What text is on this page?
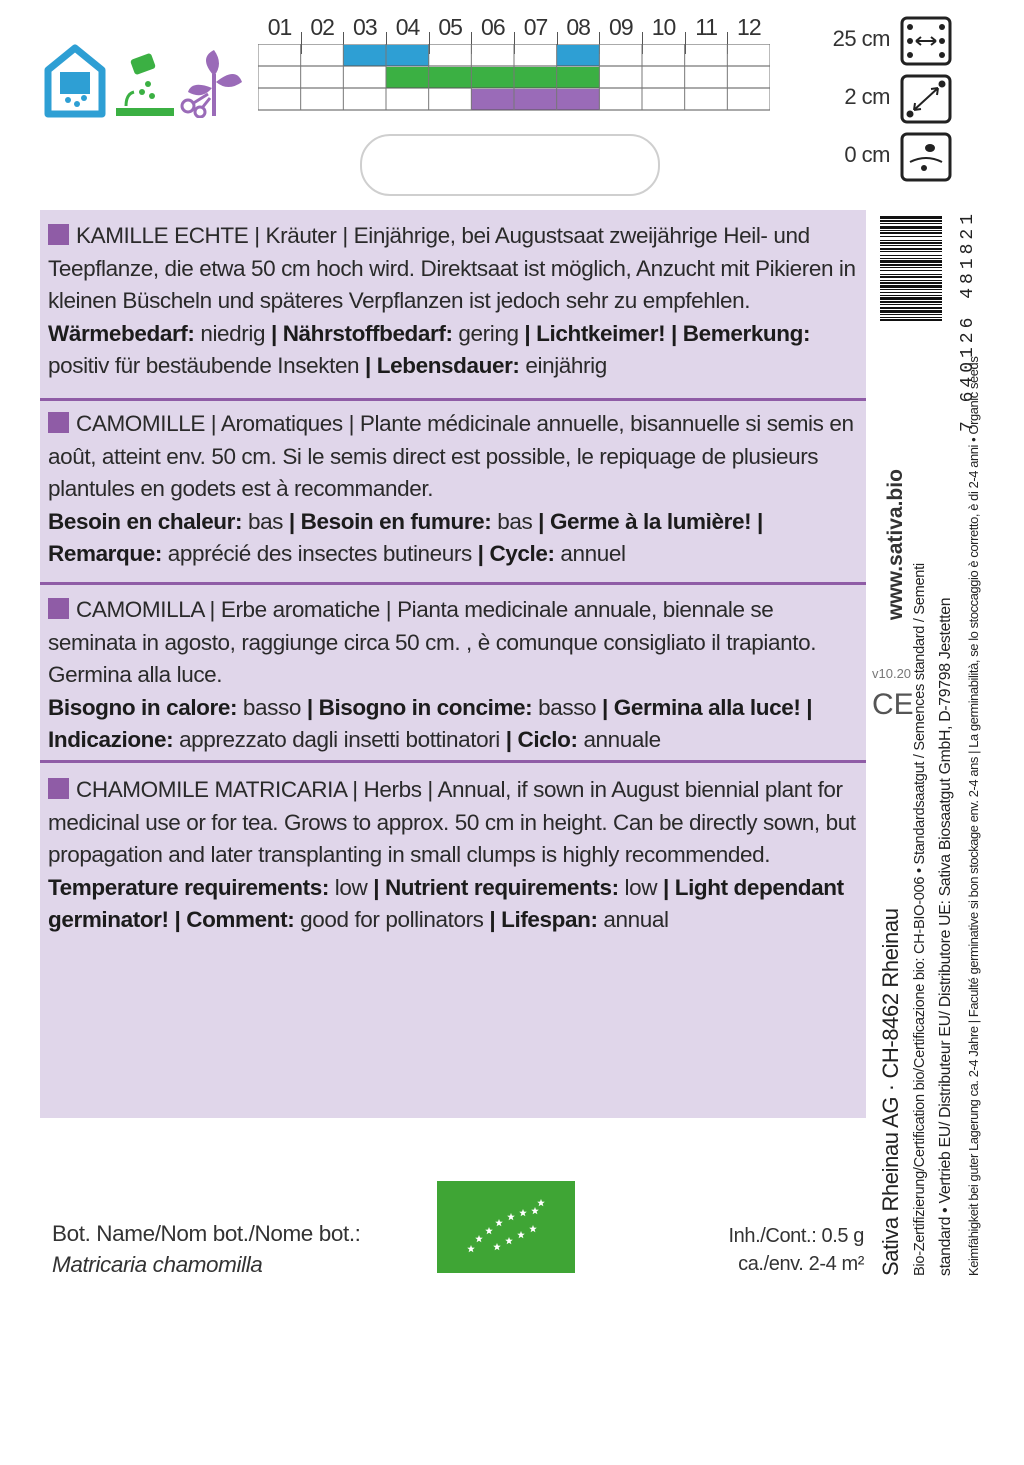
01 02 03 04 05 06 07 08 09 10 11 12	25 cm
2 cm
0 cm

KAMILLE ECHTE | Kräuter | Einjährige, bei Augustsaat zweijährige Heil- und Teepflanze, die etwa 50 cm hoch wird. Direktsaat ist möglich, Anzucht mit Pikieren in kleinen Büscheln und späteres Verpflanzen ist jedoch sehr zu empfehlen.

Wärmebedarf: niedrig | Nährstoffbedarf: gering | Lichtkeimer! | Bemerkung: positiv für bestäubende Insekten | Lebensdauer: einjährig

CAMOMILLE | Aromatiques | Plante médicinale annuelle, bisannuelle si semis en août, atteint env. 50 cm. Si le semis direct est possible, le repiquage de plusieurs plantules en godets est à recommander.

Besoin en chaleur: bas | Besoin en fumure: bas | Germe à la lumière! | Remarque: apprécié des insectes butineurs | Cycle: annuel

CAMOMILLA | Erbe aromatiche | Pianta medicinale annuale, biennale se seminata in agosto, raggiunge circa 50 cm. , è comunque consigliato il trapianto. Germina alla luce.

Bisogno in calore: basso | Bisogno in concime: basso | Germina alla luce! | Indicazione: apprezzato dagli insetti bottinatori | Ciclo: annuale

CHAMOMILE MATRICARIA | Herbs | Annual, if sown in August biennial plant for medicinal use or for tea. Grows to approx. 50 cm in height. Can be directly sown, but propagation and later transplanting in small clumps is highly recommended.

Temperature requirements: low | Nutrient requirements: low | Light dependant germinator! | Comment: good for pollinators | Lifespan: annual

7 640126 481821
www.sativa.bio
Sativa Rheinau AG · CH-8462 Rheinau Bio-Zertifizierung/Certification bio/Certificazione bio: CH-BIO-006 • Standardsaatgut / Semences standard / Sementi standard • Vertrieb EU/ Distributeur EU/ Distributore UE: Sativa Biosaatgut GmbH, D-79798 Jestetten Keimfähigkeit bei guter Lagerung ca. 2-4 Jahre | Faculté germinative si bon stockage env. 2-4 ans | La germinabilità, se lo stoccaggio è corretto, è di 2-4 anni • Organic seeds
v10.20
CE
Bot. Name/Nom bot./Nome bot.:
Matricaria chamomilla
Inh./Cont.: 0.5 g
ca./env. 2-4 m²
